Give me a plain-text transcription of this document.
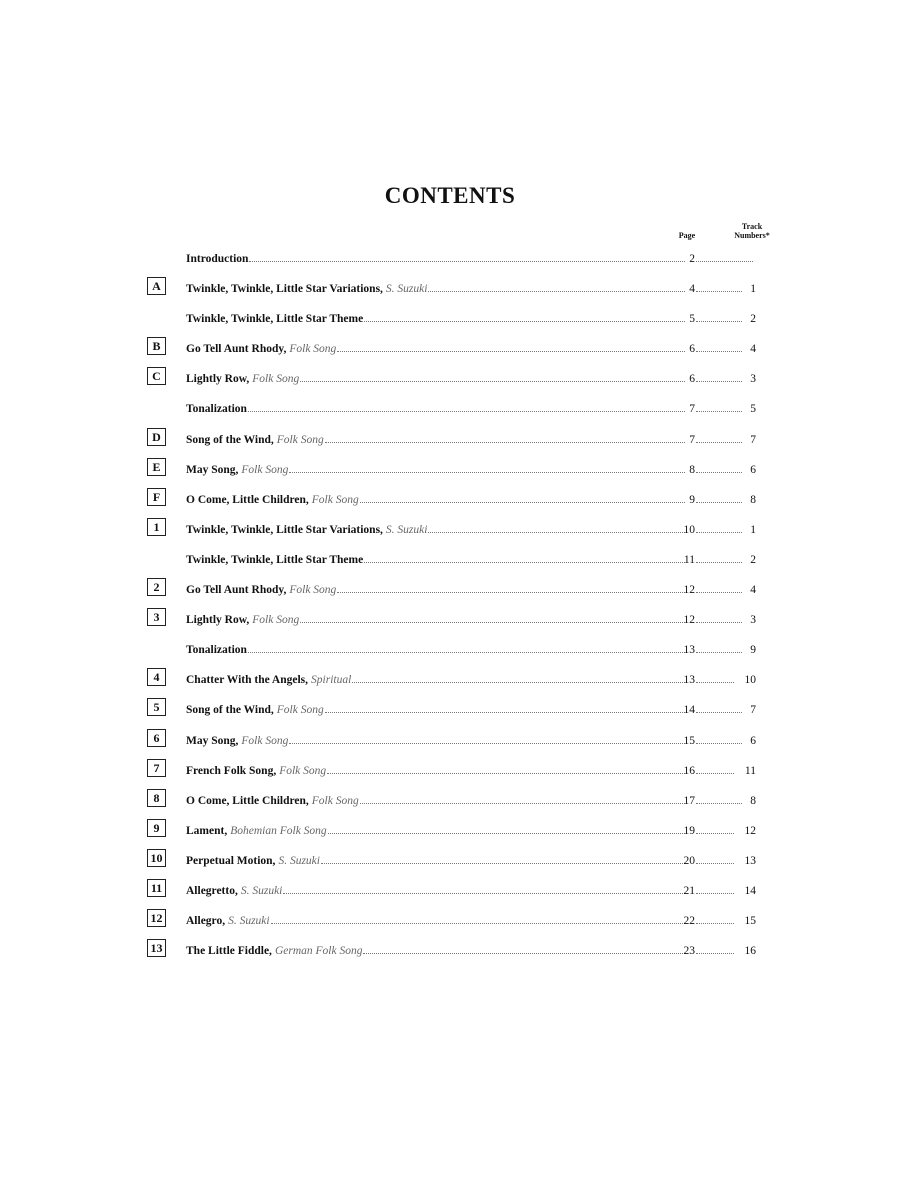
CONTENTS
Page
Track
Numbers*
Introduction	2
A	Twinkle, Twinkle, Little Star Variations, S. Suzuki	4	1
Twinkle, Twinkle, Little Star Theme	5	2
B	Go Tell Aunt Rhody, Folk Song	6	4
C	Lightly Row, Folk Song	6	3
Tonalization	7	5
D	Song of the Wind, Folk Song	7	7
E	May Song, Folk Song	8	6
F	O Come, Little Children, Folk Song	9	8
1	Twinkle, Twinkle, Little Star Variations, S. Suzuki	10	1
Twinkle, Twinkle, Little Star Theme	11	2
2	Go Tell Aunt Rhody, Folk Song	12	4
3	Lightly Row, Folk Song	12	3
Tonalization	13	9
4	Chatter With the Angels, Spiritual	13	10
5	Song of the Wind, Folk Song	14	7
6	May Song, Folk Song	15	6
7	French Folk Song, Folk Song	16	11
8	O Come, Little Children, Folk Song	17	8
9	Lament, Bohemian Folk Song	19	12
10	Perpetual Motion, S. Suzuki	20	13
11	Allegretto, S. Suzuki	21	14
12	Allegro, S. Suzuki	22	15
13	The Little Fiddle, German Folk Song	23	16
